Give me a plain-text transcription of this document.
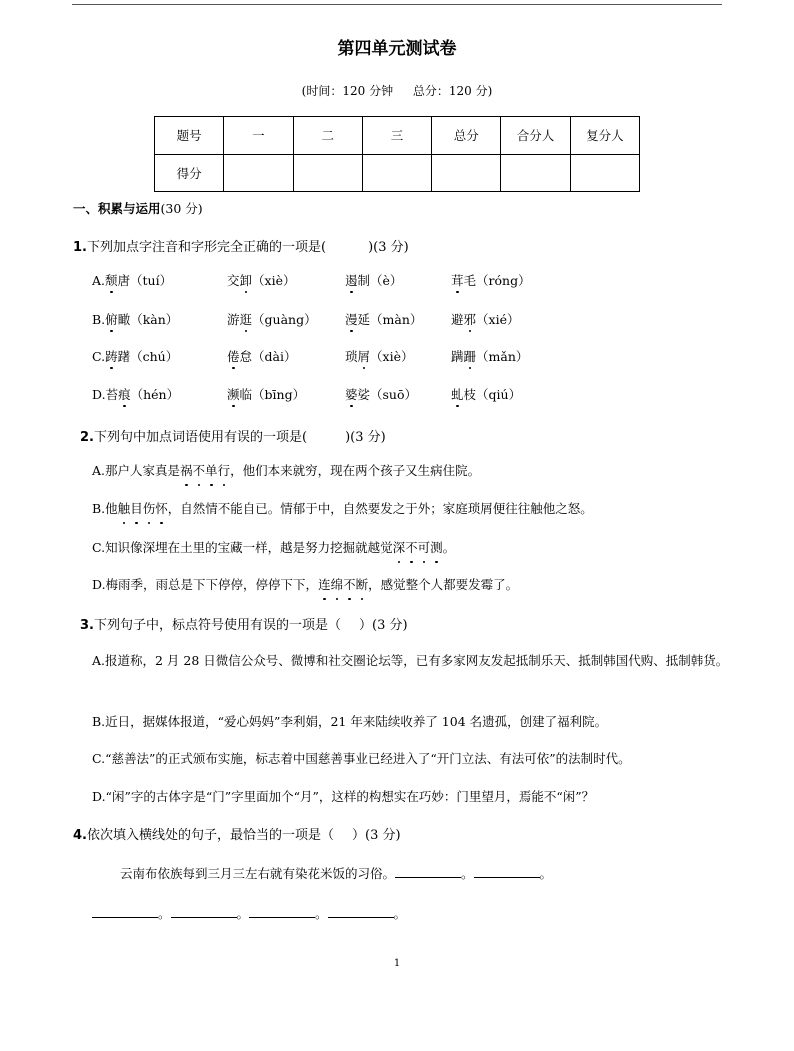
第四单元测试卷
(时间：120 分钟 总分：120 分)
题号	一	二	三	总分	合分人	复分人
得分						
一、积累与运用(30 分)
1.下列加点字注音和字形完全正确的一项是(	)(3 分)
A.颓唐（tuí）	交卸（xiè）	遏制（è）	茸毛（róng）
B.俯瞰（kàn）	游逛（guàng） 漫延（màn） 避邪（xié）
C.踌躇（chú）	倦怠（dài）	琐屑（xiè）	蹒跚（mǎn）
D.苔痕（hén）	濒临（bīng）	婆娑（suō）	虬枝（qiú）
2.下列句中加点词语使用有误的一项是(	)(3 分)
A.那户人家真是祸不单行，他们本来就穷，现在两个孩子又生病住院。
B.他触目伤怀，自然情不能自已。情郁于中，自然要发之于外；家庭琐屑便往往触他之怒。
C.知识像深埋在土里的宝藏一样，越是努力挖掘就越觉深不可测。
D.梅雨季，雨总是下下停停，停停下下，连绵不断，感觉整个人都要发霉了。
3.下列句子中，标点符号使用有误的一项是（ ）(3 分)
A.报道称，2 月 28 日微信公众号、微博和社交圈论坛等，已有多家网友发起抵制乐天、抵制韩国代购、抵制韩货。
B.近日，据媒体报道，“爱心妈妈”李利娟，21 年来陆续收养了 104 名遗孤，创建了福利院。
C.“慈善法”的正式颁布实施，标志着中国慈善事业已经进入了“开门立法、有法可依”的法制时代。
D.“闲”字的古体字是“门”字里面加个“月”，这样的构想实在巧妙：门里望月，焉能不“闲”？
4.依次填入横线处的句子，最恰当的一项是（ ）(3 分)
云南布依族每到三月三左右就有染花米饭的习俗。	。	。
。	。	。	。
1
